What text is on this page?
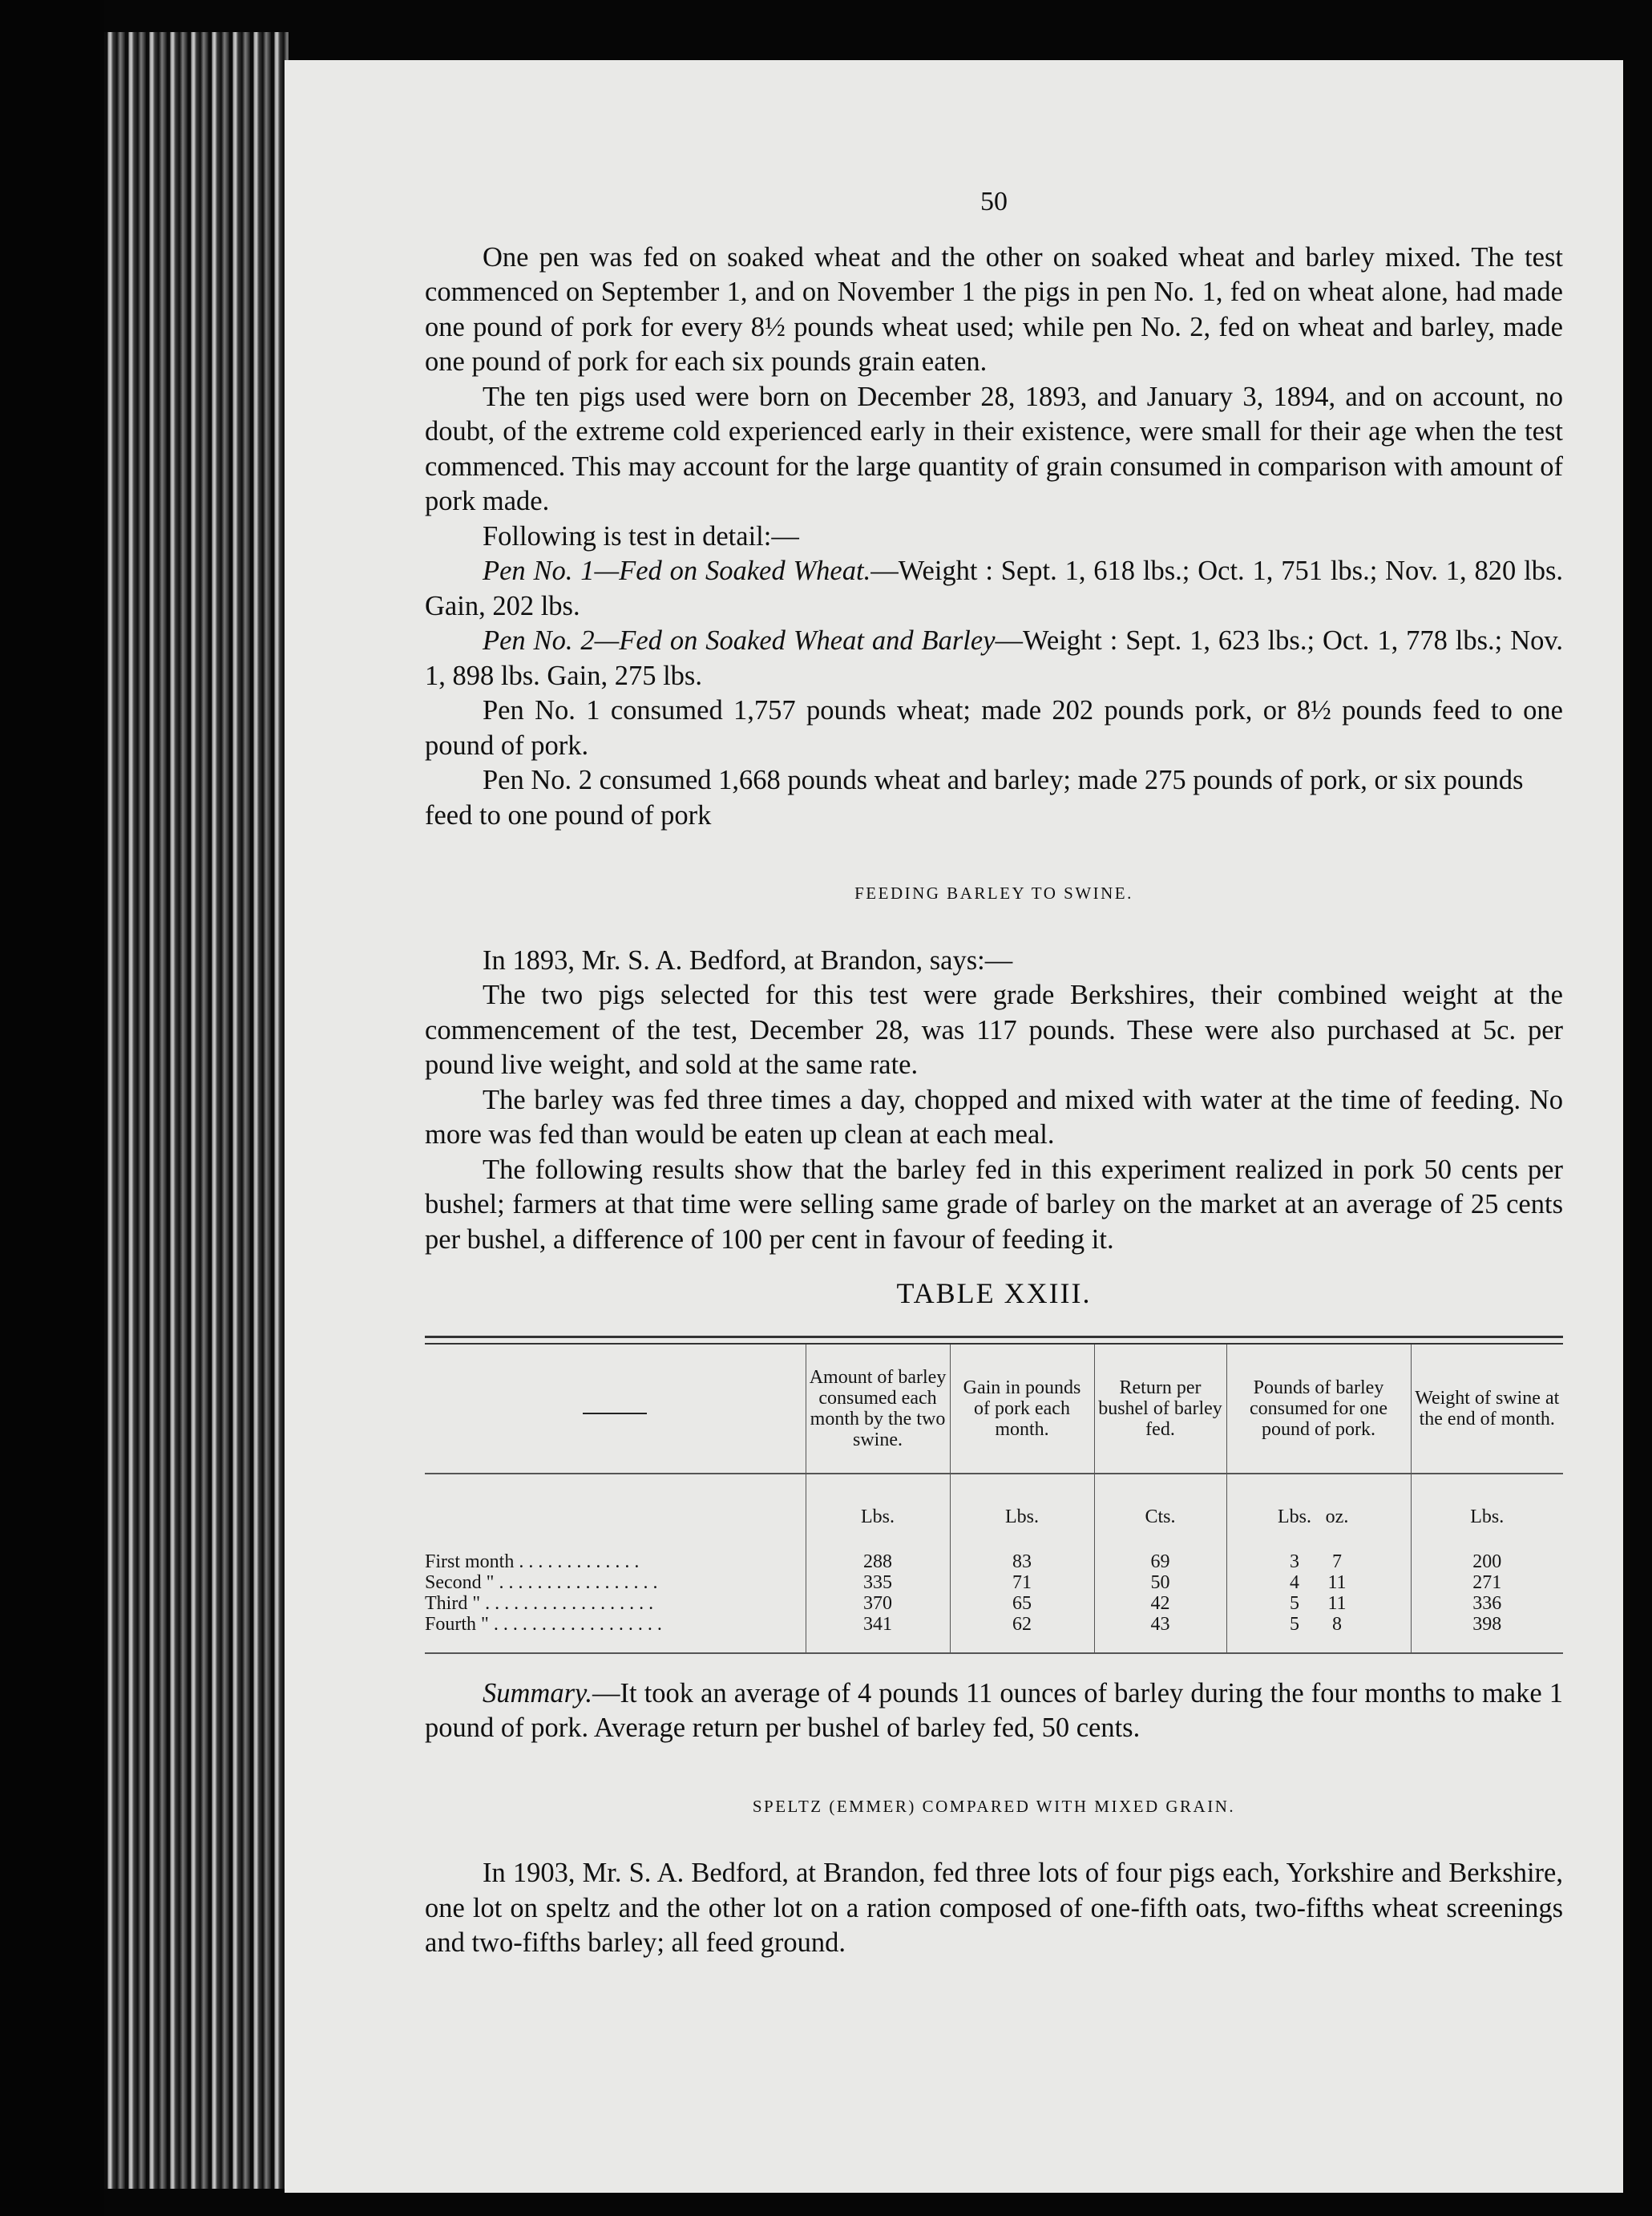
50

One pen was fed on soaked wheat and the other on soaked wheat and barley mixed. The test commenced on September 1, and on November 1 the pigs in pen No. 1, fed on wheat alone, had made one pound of pork for every 8½ pounds wheat used; while pen No. 2, fed on wheat and barley, made one pound of pork for each six pounds grain eaten.

The ten pigs used were born on December 28, 1893, and January 3, 1894, and on account, no doubt, of the extreme cold experienced early in their existence, were small for their age when the test commenced. This may account for the large quantity of grain consumed in comparison with amount of pork made.

Following is test in detail:—

Pen No. 1—Fed on Soaked Wheat.—Weight : Sept. 1, 618 lbs.; Oct. 1, 751 lbs.; Nov. 1, 820 lbs. Gain, 202 lbs.

Pen No. 2—Fed on Soaked Wheat and Barley—Weight : Sept. 1, 623 lbs.; Oct. 1, 778 lbs.; Nov. 1, 898 lbs. Gain, 275 lbs.

Pen No. 1 consumed 1,757 pounds wheat; made 202 pounds pork, or 8½ pounds feed to one pound of pork.

Pen No. 2 consumed 1,668 pounds wheat and barley; made 275 pounds of pork, or six pounds feed to one pound of pork

FEEDING BARLEY TO SWINE.

In 1893, Mr. S. A. Bedford, at Brandon, says:—

The two pigs selected for this test were grade Berkshires, their combined weight at the commencement of the test, December 28, was 117 pounds. These were also purchased at 5c. per pound live weight, and sold at the same rate.

The barley was fed three times a day, chopped and mixed with water at the time of feeding. No more was fed than would be eaten up clean at each meal.

The following results show that the barley fed in this experiment realized in pork 50 cents per bushel; farmers at that time were selling same grade of barley on the market at an average of 25 cents per bushel, a difference of 100 per cent in favour of feeding it.

TABLE XXIII.
	Amount of barley consumed each month by the two swine.	Gain in pounds of pork each month.	Return per bushel of barley fed.	Pounds of barley consumed for one pound of pork.	Weight of swine at the end of month.
	Lbs.	Lbs.	Cts.	Lbs. oz.	Lbs.
First month .............	288	83	69	3 7	200
Second " .................	335	71	50	4 11	271
Third " ..................	370	65	42	5 11	336
Fourth " ..................	341	62	43	5 8	398

Summary.—It took an average of 4 pounds 11 ounces of barley during the four months to make 1 pound of pork. Average return per bushel of barley fed, 50 cents.

SPELTZ (EMMER) COMPARED WITH MIXED GRAIN.

In 1903, Mr. S. A. Bedford, at Brandon, fed three lots of four pigs each, Yorkshire and Berkshire, one lot on speltz and the other lot on a ration composed of one-fifth oats, two-fifths wheat screenings and two-fifths barley; all feed ground.
